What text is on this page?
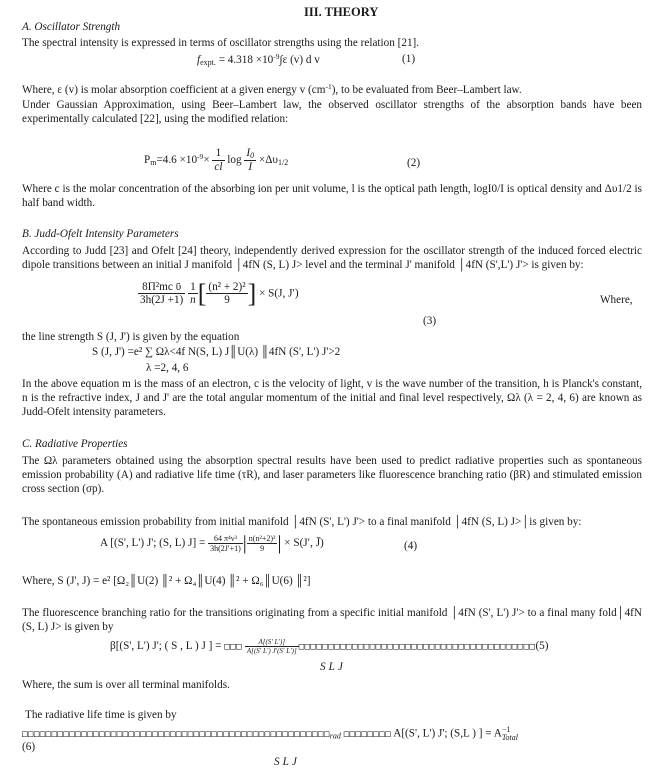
III. THEORY
A. Oscillator Strength
The spectral intensity is expressed in terms of oscillator strengths using the relation [21].
$f_{expt.} = 4.318 \times 10^{-9}\int\varepsilon$ (v) d v	(1)
Where, ε (v) is molar absorption coefficient at a given energy v $(cm^{-1})$, to be evaluated from Beer–Lambert law.
Under Gaussian Approximation, using Beer–Lambert law, the observed oscillator strengths of the absorption bands have been experimentally calculated [22], using the modified relation:
$P_m=4.6 \times 10^{-9}\times \frac{1}{cl}$ $\log \frac{I_0}{I} \times\Delta\upsilon_{1/2}$	(2)
Where c is the molar concentration of the absorbing ion per unit volume, l is the optical path length, logI0/I is optical density and Δυ1/2 is half band width.
B. Judd-Ofelt Intensity Parameters
According to Judd [23] and Ofelt [24] theory, independently derived expression for the oscillator strength of the induced forced electric dipole transitions between an initial J manifold │4fN (S, L) J> level and the terminal J' manifold │4fN (S',L') J'> is given by:
$\frac{\text{8Π²mc ῡ}}{3h(2J +1)}$
$\frac{1}{n}$ [ $\frac{\text{(n² + 2)²}}{9}$ ] × S(J, J′)
Where,
(3)
the line strength S (J, J') is given by the equation
S (J, J') =e² ∑ Ωλ<4f N(S, L) J║U(λ) ║4fN (S', L') J'>2
λ =2, 4, 6
In the above equation m is the mass of an electron, c is the velocity of light, v is the wave number of the transition, h is Planck's constant, n is the refractive index, J and J' are the total angular momentum of the initial and final level respectively, Ωλ (λ = 2, 4, 6) are known as Judd-Ofelt intensity parameters.
C. Radiative Properties
The Ωλ parameters obtained using the absorption spectral results have been used to predict radiative properties such as spontaneous emission probability (A) and radiative life time (τR), and laser parameters like fluorescence branching ratio (βR) and stimulated emission cross section (σp).
The spontaneous emission probability from initial manifold │4fN (S', L') J'> to a final manifold │4fN (S, L) J>│is given by:
A [(S', L') J'; (S, L) $J] = \frac{\text{64 π⁴ν³}}{3h(2J'+1)}$ | $\frac{\text{n(n²+2)²}}{9}$ | × S(J′, J̄)	(4)
Where, S (J', J) = e² [Ω₂║U(2) ║² + Ω₄║U(4) ║² + Ω₆║U(6) ║²]
The fluorescence branching ratio for the transitions originating from a specific initial manifold │4fN (S', L') J'> to a final many fold│4fN (S, L) J> is given by
β[(S', L') J'; ( S , L ) J ] = □□□ $\frac{A[(S' L')]}{A[(S' L') J'(S' L')]}$ □□□□□□□□□□□□□□□□□□□□□□□□□□□□□□□□□□□□□□□□(5)
SLJ
Where, the sum is over all terminal manifolds.
The radiative life time is given by
$□□□□□□□□□□□□□□□□□□□□□□□□□□□□□□□□□□□□□□□□□□□□□□□□□□□□_{rad}$ □□□□□□□□ A[(S', L') J'; (S,L ) ] = A −1
Total
(6)
SLJ
